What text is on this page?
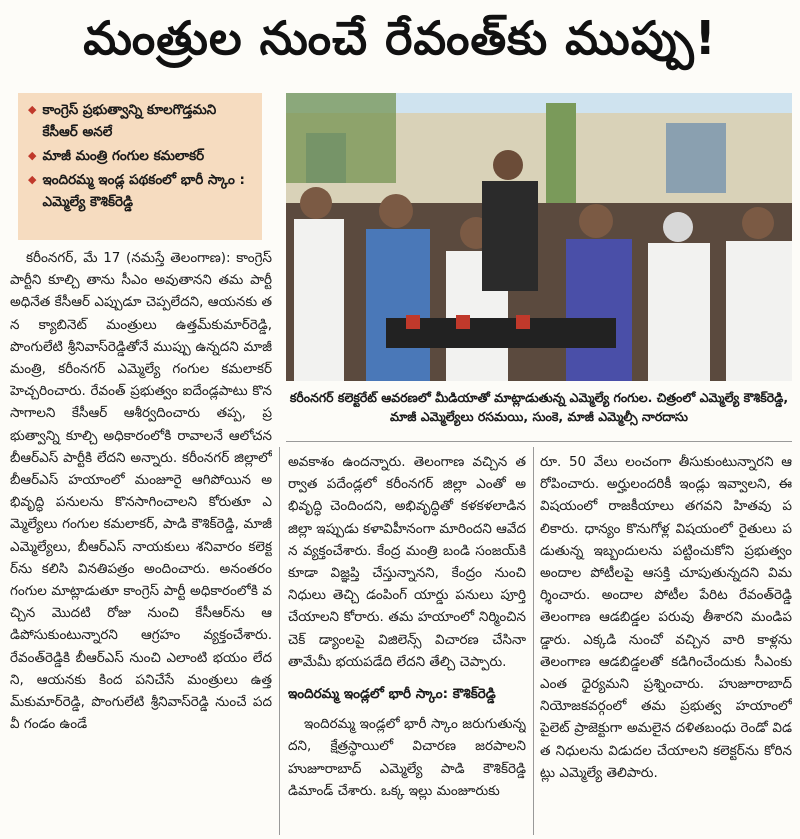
మంత్రుల నుంచే రేవంత్‌కు ముప్పు!
◆ కాంగ్రెస్ ప్రభుత్వాన్ని కూలగొడ్తమని కేసీఆర్ అనలే
◆ మాజీ మంత్రి గంగుల కమలాకర్
◆ ఇందిరమ్మ ఇండ్ల పథకంలో భారీ స్కాం : ఎమ్మెల్యే కౌశిక్‌రెడ్డి
కరీంనగర్ కలెక్టరేట్ ఆవరణలో మీడియాతో మాట్లాడుతున్న ఎమ్మెల్యే గంగుల. చిత్రంలో ఎమ్మెల్యే కౌశిక్‌రెడ్డి, మాజీ ఎమ్మెల్యేలు రసమయి, సుంకె, మాజీ ఎమ్మెల్సీ నారదాసు

కరీంనగర్, మే 17 (నమస్తే తెలంగాణ): కాంగ్రెస్ పార్టీని కూల్చి తాను సీఎం అవుతానని తమ పార్టీ అధినేత కేసీఆర్ ఎప్పుడూ చెప్పలేదని, ఆయనకు తన క్యాబినెట్ మంత్రులు ఉత్తమ్‌కుమార్‌రెడ్డి, పొంగులేటి శ్రీనివాస్‌రెడ్డితోనే ముప్పు ఉన్నదని మాజీ మంత్రి, కరీంనగర్ ఎమ్మెల్యే గంగుల కమలాకర్ హెచ్చరించారు. రేవంత్ ప్రభుత్వం ఐదేండ్లపాటు కొనసాగాలని కేసీఆర్ ఆశీర్వదించారు తప్ప, ప్రభుత్వాన్ని కూల్చి అధికారంలోకి రావాలనే ఆలోచన బీఆర్‌ఎస్ పార్టీకి లేదని అన్నారు. కరీంనగర్ జిల్లాలో బీఆర్‌ఎస్ హయాంలో మంజూరై ఆగిపోయిన అభివృద్ధి పనులను కొనసాగించాలని కోరుతూ ఎమ్మెల్యేలు గంగుల కమలాకర్, పాడి కౌశిక్‌రెడ్డి, మాజీ ఎమ్మెల్యేలు, బీఆర్‌ఎస్ నాయకులు శనివారం కలెక్టర్‌ను కలిసి వినతిపత్రం అందించారు. అనంతరం గంగుల మాట్లాడుతూ కాంగ్రెస్ పార్టీ అధికారంలోకి వచ్చిన మొదటి రోజు నుంచి కేసీఆర్‌ను ఆడిపోసుకుంటున్నారని ఆగ్రహం వ్యక్తంచేశారు. రేవంత్‌రెడ్డికి బీఆర్‌ఎస్ నుంచి ఎలాంటి భయం లేదని, ఆయనకు కింద పనిచేసే మంత్రులు ఉత్తమ్‌కుమార్‌రెడ్డి, పొంగులేటి శ్రీనివాస్‌రెడ్డి నుంచే పదవీ గండం ఉండే

అవకాశం ఉందన్నారు. తెలంగాణ వచ్చిన తర్వాత పదేండ్లలో కరీంనగర్ జిల్లా ఎంతో అభివృద్ధి చెందిందని, అభివృద్ధితో కళకళలాడిన జిల్లా ఇప్పుడు కళావిహీనంగా మారిందని ఆవేదన వ్యక్తంచేశారు. కేంద్ర మంత్రి బండి సంజయ్‌కి కూడా విజ్ఞప్తి చేస్తున్నానని, కేంద్రం నుంచి నిధులు తెచ్చి డంపింగ్ యార్డు పనులు పూర్తి చేయాలని కోరారు. తమ హయాంలో నిర్మించిన చెక్ డ్యాంలపై విజిలెన్స్ విచారణ చేసినా తామేమీ భయపడేది లేదని తేల్చి చెప్పారు.

ఇందిరమ్మ ఇండ్లలో భారీ స్కాం: కౌశిక్‌రెడ్డి

ఇందిరమ్మ ఇండ్లలో భారీ స్కాం జరుగుతున్నదని, క్షేత్రస్థాయిలో విచారణ జరపాలని హుజూరాబాద్ ఎమ్మెల్యే పాడి కౌశిక్‌రెడ్డి డిమాండ్ చేశారు. ఒక్క ఇల్లు మంజూరుకు

రూ. 50 వేలు లంచంగా తీసుకుంటున్నారని ఆరోపించారు. అర్హులందరికీ ఇండ్లు ఇవ్వాలని, ఈ విషయంలో రాజకీయాలు తగవని హితవు పలికారు. ధాన్యం కొనుగోళ్ల విషయంలో రైతులు పడుతున్న ఇబ్బందులను పట్టించుకోని ప్రభుత్వం అందాల పోటీలపై ఆసక్తి చూపుతున్నదని విమర్శించారు. అందాల పోటీల పేరిట రేవంత్‌రెడ్డి తెలంగాణ ఆడబిడ్డల పరువు తీశారని మండిపడ్డారు. ఎక్కడి నుంచో వచ్చిన వారి కాళ్లను తెలంగాణ ఆడబిడ్డలతో కడిగించేందుకు సీఎంకు ఎంత ధైర్యమని ప్రశ్నించారు. హుజూరాబాద్ నియోజకవర్గంలో తమ ప్రభుత్వ హయాంలో పైలెట్ ప్రాజెక్టుగా అమలైన దళితబంధు రెండో విడత నిధులను విడుదల చేయాలని కలెక్టర్‌ను కోరినట్లు ఎమ్మెల్యే తెలిపారు.
